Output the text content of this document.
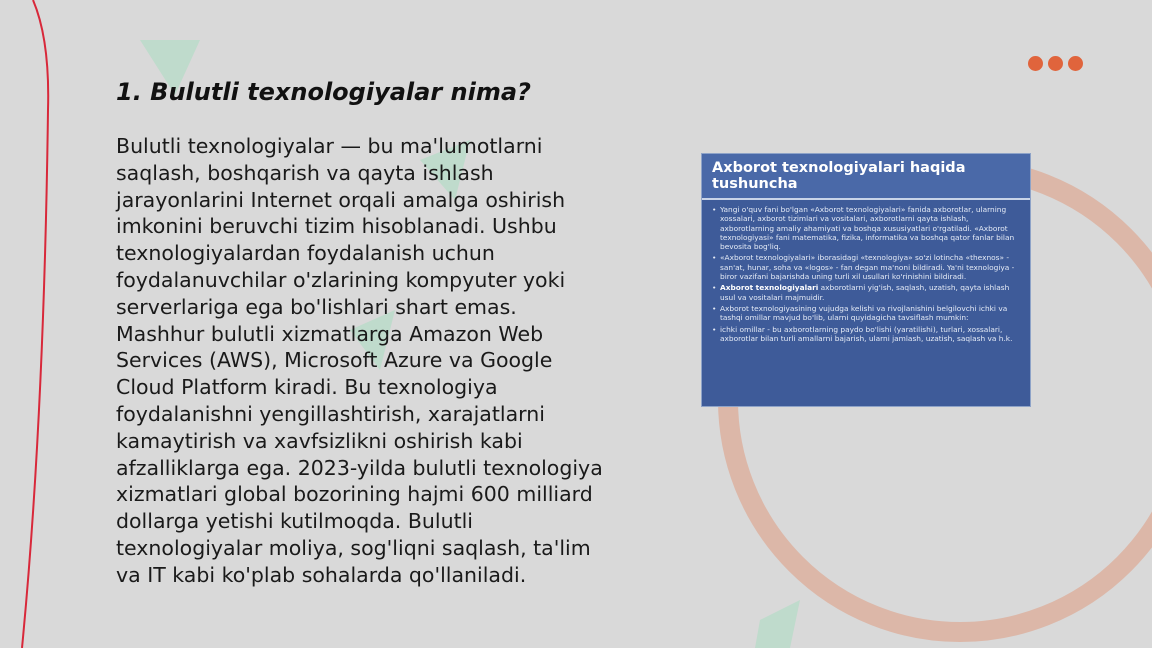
1. Bulutli texnologiyalar nima?

Bulutli texnologiyalar — bu ma'lumotlarni saqlash, boshqarish va qayta ishlash jarayonlarini Internet orqali amalga oshirish imkonini beruvchi tizim hisoblanadi. Ushbu texnologiyalardan foydalanish uchun foydalanuvchilar o'zlarining kompyuter yoki serverlariga ega bo'lishlari shart emas. Mashhur bulutli xizmatlarga Amazon Web Services (AWS), Microsoft Azure va Google Cloud Platform kiradi. Bu texnologiya foydalanishni yengillashtirish, xarajatlarni kamaytirish va xavfsizlikni oshirish kabi afzalliklarga ega. 2023-yilda bulutli texnologiya xizmatlari global bozorining hajmi 600 milliard dollarga yetishi kutilmoqda. Bulutli texnologiyalar moliya, sog'liqni saqlash, ta'lim va IT kabi ko'plab sohalarda qo'llaniladi.

Axborot texnologiyalari haqida tushuncha
• Yangi o'quv fani bo'lgan «Axborot texnologiyalari» fanida axborotlar, ularning xossalari, axborot tizimlari va vositalari, axborotlarni qayta ishlash, axborotlarning amaliy ahamiyati va boshqa xususiyatlari o'rgatiladi. «Axborot texnologiyasi» fani matematika, fizika, informatika va boshqa qator fanlar bilan bevosita bog'liq.
• «Axborot texnologiyalari» iborasidagi «texnologiya» so'zi lotincha «thexnos» - san'at, hunar, soha va «logos» - fan degan ma'noni bildiradi. Ya'ni texnologiya - biror vazifani bajarishda uning turli xil usullari ko'rinishini bildiradi.
• Axborot texnologiyalari axborotlarni yig'ish, saqlash, uzatish, qayta ishlash usul va vositalari majmuidir.
• Axborot texnologiyasining vujudga kelishi va rivojlanishini belgilovchi ichki va tashqi omillar mavjud bo'lib, ularni quyidagicha tavsiflash mumkin:
• ichki omillar - bu axborotlarning paydo bo'lishi (yaratilishi), turlari, xossalari, axborotlar bilan turli amallarni bajarish, ularni jamlash, uzatish, saqlash va h.k.
